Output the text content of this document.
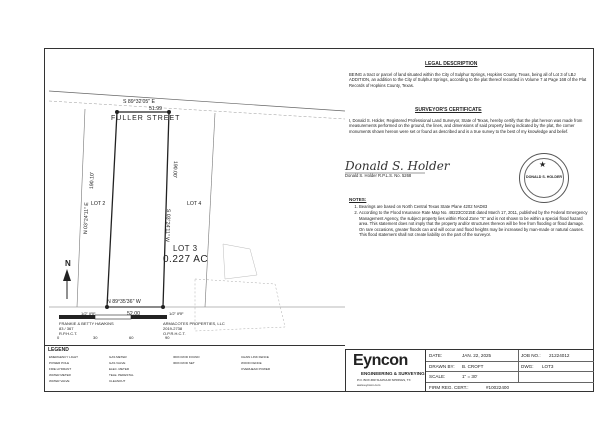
FULLER STREET
S 89°32'05" E
51.99
N 89°35'36" W
52.00
N 03°24'11" E
190.10'
S 03°24'11" W
190.00'
LOT 3
0.227 AC
LOT 2	LOT 4
1/2" IRF	1/2" IRF
FRANKIE & BETTY HAWKINS
83 / 367
R.P.H.C.T.
ARMACOTES PROPERTIES, LLC
2019-2738
O.P.R.H.C.T.
N
0	30	60	90
LEGAL DESCRIPTION
BEING a tract or parcel of land situated within the City of Sulphur Springs, Hopkins County, Texas, being all of Lot 3 of LBJ ADDITION, an addition to the City of Sulphur Springs, according to the plat thereof recorded in Volume 7 at Page 168 of the Plat Records of Hopkins County, Texas.
SURVEYOR'S CERTIFICATE
I, Donald S. Holder, Registered Professional Land Surveyor, State of Texas, hereby certify that the plat hereon was made from measurements performed on the ground, the lines, and dimensions of said property being indicated by the plat, the corner monuments shown hereon were set or found as described and is a true survey to the best of my knowledge and belief.
Donald S. Holder
Donald S. Holder R.P.L.S. No. 5268
★
DONALD S. HOLDER
NOTES:
1. Bearings are based on North Central Texas State Plane 4202 NAD83
2. According to the Flood Insurance Rate Map No. 48223C0215E dated March 17, 2011, published by the Federal Emergency Management Agency, the subject property lies within Flood Zone "X" and is not shown to be within a special flood hazard area. This statement does not imply that the property and/or structures thereon will be free from flooding or flood damage. On rare occasions, greater floods can and will occur and flood heights may be increased by man-made or natural causes. This flood statement shall not create liability on the part of the surveyor.
LEGEND
EMERGENCY LIGHT
POWER POLE
FIRE HYDRANT
WATER METER
WATER VALVE
GAS METER
GAS VALVE
ELEC. METER
TELE. PEDESTAL
CLEANOUT
IRON ROD FOUND
IRON ROD SET
CHAIN LINK FENCE
WOOD FENCE
OVERHEAD POWER	Eyncon
ENGINEERING & SURVEYING
P.O. BOX ### SULPHUR SPRINGS, TX
www.eyncon.com
DATE:	JAN. 22, 2025	JOB NO.: 21224012
DRAWN BY: B. CROFT	DWG: LOT3
SCALE:	1" = 30'
FIRM REG. CERT.:	#10022400
